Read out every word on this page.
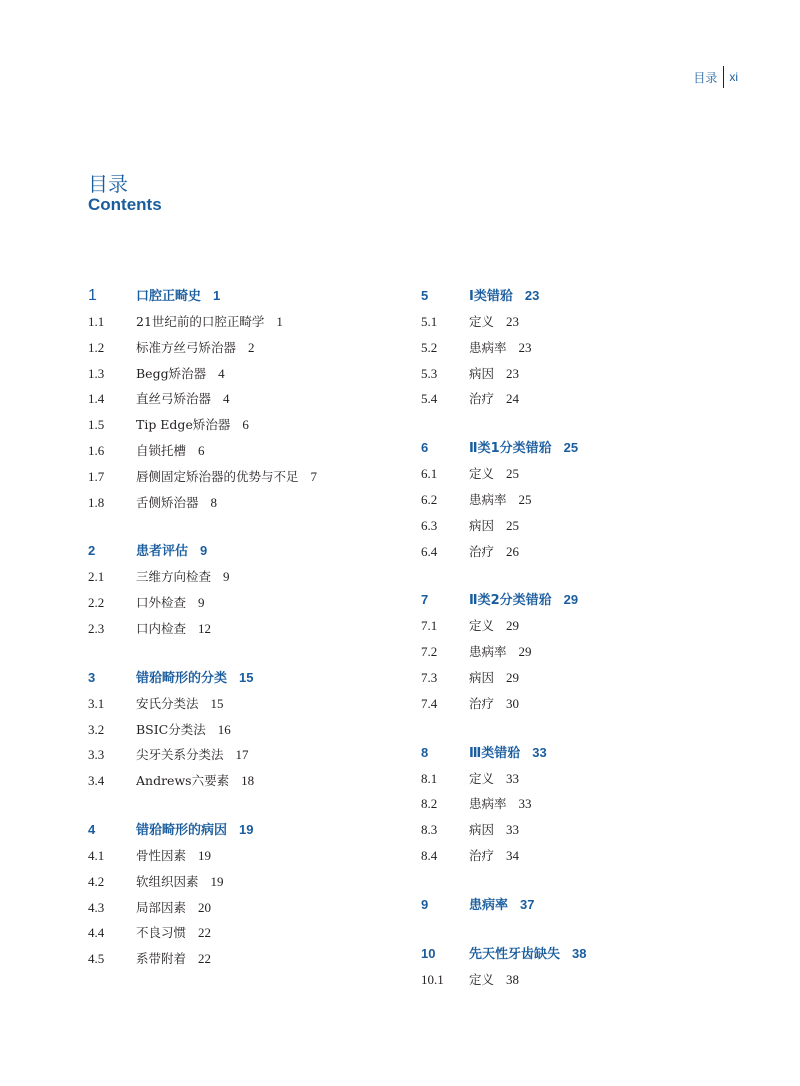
目录 xi
目录
Contents
1	口腔正畸史 1
1.1	21世纪前的口腔正畸学 1
1.2	标准方丝弓矫治器 2
1.3	Begg矫治器 4
1.4	直丝弓矫治器 4
1.5	Tip Edge矫治器 6
1.6	自锁托槽 6
1.7	唇侧固定矫治器的优势与不足 7
1.8	舌侧矫治器 8
2	患者评估 9
2.1	三维方向检查 9
2.2	口外检查 9
2.3	口内检查 12
3	错𬌗畸形的分类 15
3.1	安氏分类法 15
3.2	BSIC分类法 16
3.3	尖牙关系分类法 17
3.4	Andrews六要素 18
4	错𬌗畸形的病因 19
4.1	骨性因素 19
4.2	软组织因素 19
4.3	局部因素 20
4.4	不良习惯 22
4.5	系带附着 22
5	Ⅰ类错𬌗 23
5.1	定义 23
5.2	患病率 23
5.3	病因 23
5.4	治疗 24
6	Ⅱ类1分类错𬌗 25
6.1	定义 25
6.2	患病率 25
6.3	病因 25
6.4	治疗 26
7	Ⅱ类2分类错𬌗 29
7.1	定义 29
7.2	患病率 29
7.3	病因 29
7.4	治疗 30
8	Ⅲ类错𬌗 33
8.1	定义 33
8.2	患病率 33
8.3	病因 33
8.4	治疗 34
9	患病率 37
10	先天性牙齿缺失 38
10.1	定义 38
